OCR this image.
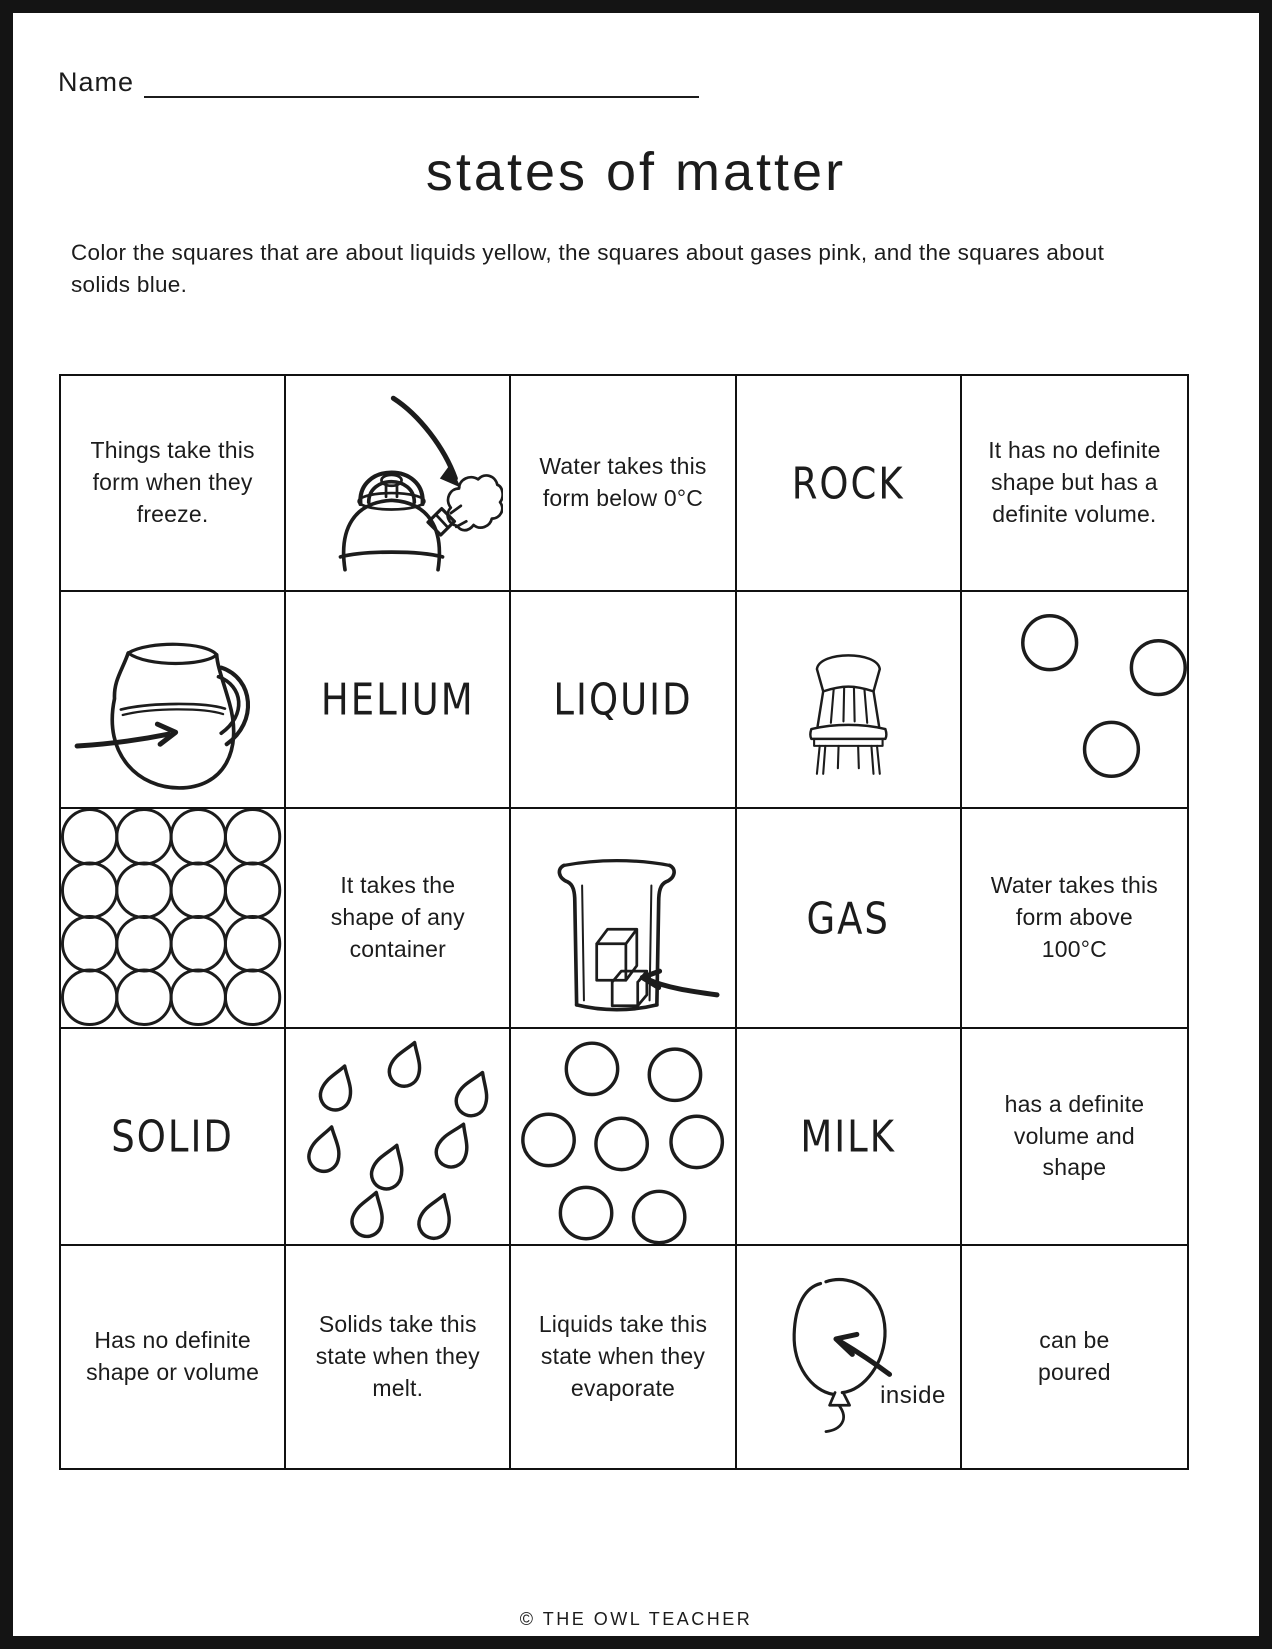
Name
states of matter
Color the squares that are about liquids yellow, the squares about gases pink, and the squares about solids blue.
Things take this form when they freeze.
Water takes this form below 0°C ROCK
It has no definite shape but has a definite volume.
HELIUM LIQUID
It takes the shape of any container
GAS
Water takes this form above 100°C
SOLID	MILK
has a definite volume and shape
Has no definite shape or volume
Solids take this state when they melt.
Liquids take this state when they evaporate	inside
can be poured
© THE OWL TEACHER
